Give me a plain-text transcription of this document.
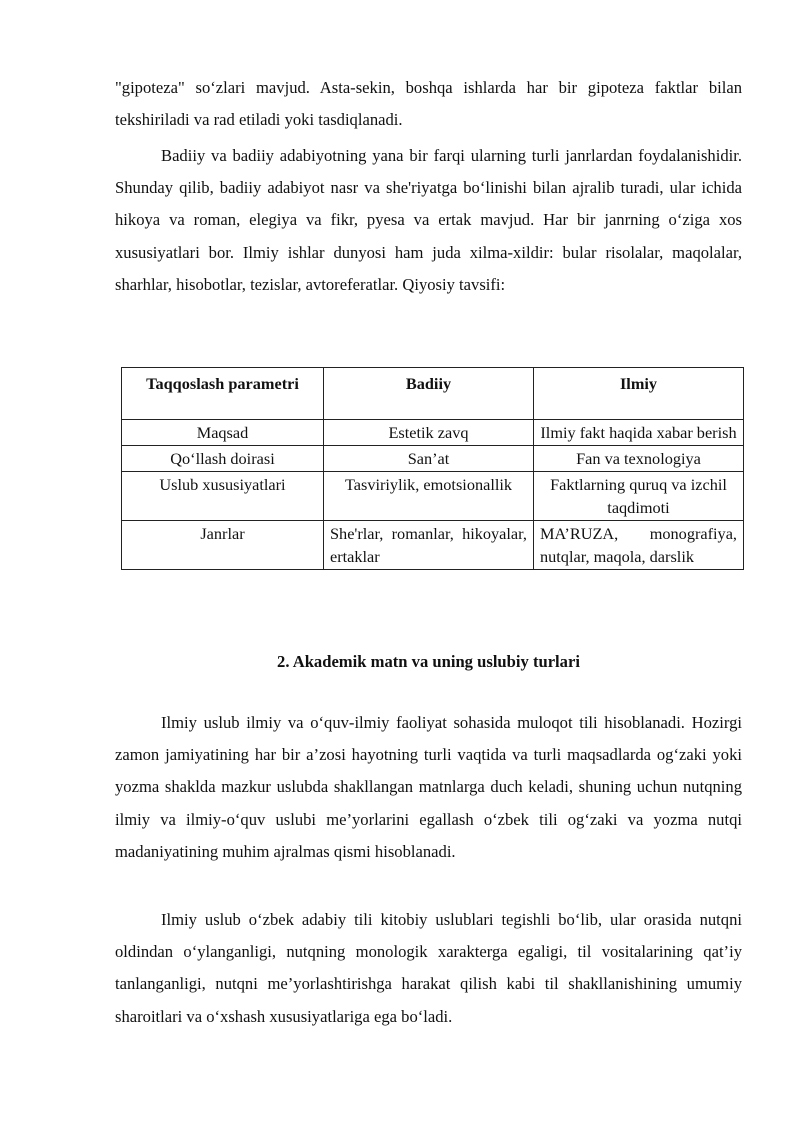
"gipoteza" so‘zlari mavjud. Asta-sekin, boshqa ishlarda har bir gipoteza faktlar bilan tekshiriladi va rad etiladi yoki tasdiqlanadi.

Badiiy va badiiy adabiyotning yana bir farqi ularning turli janrlardan foydalanishidir. Shunday qilib, badiiy adabiyot nasr va she'riyatga bo‘linishi bilan ajralib turadi, ular ichida hikoya va roman, elegiya va fikr, pyesa va ertak mavjud. Har bir janrning o‘ziga xos xususiyatlari bor. Ilmiy ishlar dunyosi ham juda xilma-xildir: bular risolalar, maqolalar, sharhlar, hisobotlar, tezislar, avtoreferatlar. Qiyosiy tavsifi:

Taqqoslash parametri	Badiiy	Ilmiy
Maqsad	Estetik zavq	Ilmiy fakt haqida xabar berish
Qo‘llash doirasi	San’at	Fan va texnologiya
Uslub xususiyatlari	Tasviriylik, emotsionallik	Faktlarning quruq va izchil taqdimoti
Janrlar	She'rlar, romanlar, hikoyalar, ertaklar	MA’RUZA, monografiya, nutqlar, maqola, darslik
2. Akademik matn va uning uslubiy turlari

Ilmiy uslub ilmiy va o‘quv-ilmiy faoliyat sohasida muloqot tili hisoblanadi. Hozirgi zamon jamiyatining har bir a’zosi hayotning turli vaqtida va turli maqsadlarda og‘zaki yoki yozma shaklda mazkur uslubda shakllangan matnlarga duch keladi, shuning uchun nutqning ilmiy va ilmiy-o‘quv uslubi me’yorlarini egallash o‘zbek tili og‘zaki va yozma nutqi madaniyatining muhim ajralmas qismi hisoblanadi.

Ilmiy uslub o‘zbek adabiy tili kitobiy uslublari tegishli bo‘lib, ular orasida nutqni oldindan o‘ylanganligi, nutqning monologik xarakterga egaligi, til vositalarining qat’iy tanlanganligi, nutqni me’yorlashtirishga harakat qilish kabi til shakllanishining umumiy sharoitlari va o‘xshash xususiyatlariga ega bo‘ladi.
